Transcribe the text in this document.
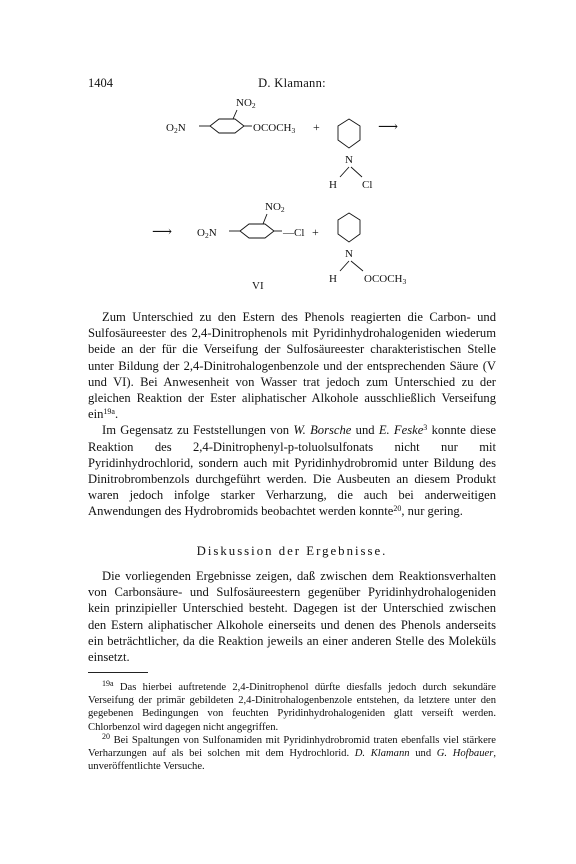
1404	D. Klamann:
NO2
O2N	OCOCH3 +	⟶
N
H Cl
⟶
NO2
O2N	—Cl +
N
H OCOCH3
VI

Zum Unterschied zu den Estern des Phenols reagierten die Carbon- und Sulfosäureester des 2,4-Dinitrophenols mit Pyridinhydrohalogeniden wiederum beide an der für die Verseifung der Sulfosäureester charakteristischen Stelle unter Bildung der 2,4-Dinitrohalogenbenzole und der entsprechenden Säure (V und VI). Bei Anwesenheit von Wasser trat jedoch zum Unterschied zu der gleichen Reaktion der Ester aliphatischer Alkohole ausschließlich Verseifung ein$^{19a}$.

Im Gegensatz zu Feststellungen von W. Borsche und E. Feske$^3$ konnte diese Reaktion des 2,4-Dinitrophenyl-p-toluolsulfonats nicht nur mit Pyridinhydrochlorid, sondern auch mit Pyridinhydrobromid unter Bildung des Dinitrobrombenzols durchgeführt werden. Die Ausbeuten an diesem Produkt waren jedoch infolge starker Verharzung, die auch bei anderweitigen Anwendungen des Hydrobromids beobachtet werden konnte$^{20}$, nur gering.

Diskussion der Ergebnisse.

Die vorliegenden Ergebnisse zeigen, daß zwischen dem Reaktionsverhalten von Carbonsäure- und Sulfosäureestern gegenüber Pyridinhydrohalogeniden kein prinzipieller Unterschied besteht. Dagegen ist der Unterschied zwischen den Estern aliphatischer Alkohole einerseits und denen des Phenols anderseits ein beträchtlicher, da die Reaktion jeweils an einer anderen Stelle des Moleküls einsetzt.

$^{19a}$ Das hierbei auftretende 2,4-Dinitrophenol dürfte diesfalls jedoch durch sekundäre Verseifung der primär gebildeten 2,4-Dinitrohalogenbenzole entstehen, da letztere unter den gegebenen Bedingungen von feuchten Pyridinhydrohalogeniden glatt verseift werden. Chlorbenzol wird dagegen nicht angegriffen.

$^{20}$ Bei Spaltungen von Sulfonamiden mit Pyridinhydrobromid traten ebenfalls viel stärkere Verharzungen auf als bei solchen mit dem Hydrochlorid. D. Klamann und G. Hofbauer, unveröffentlichte Versuche.
